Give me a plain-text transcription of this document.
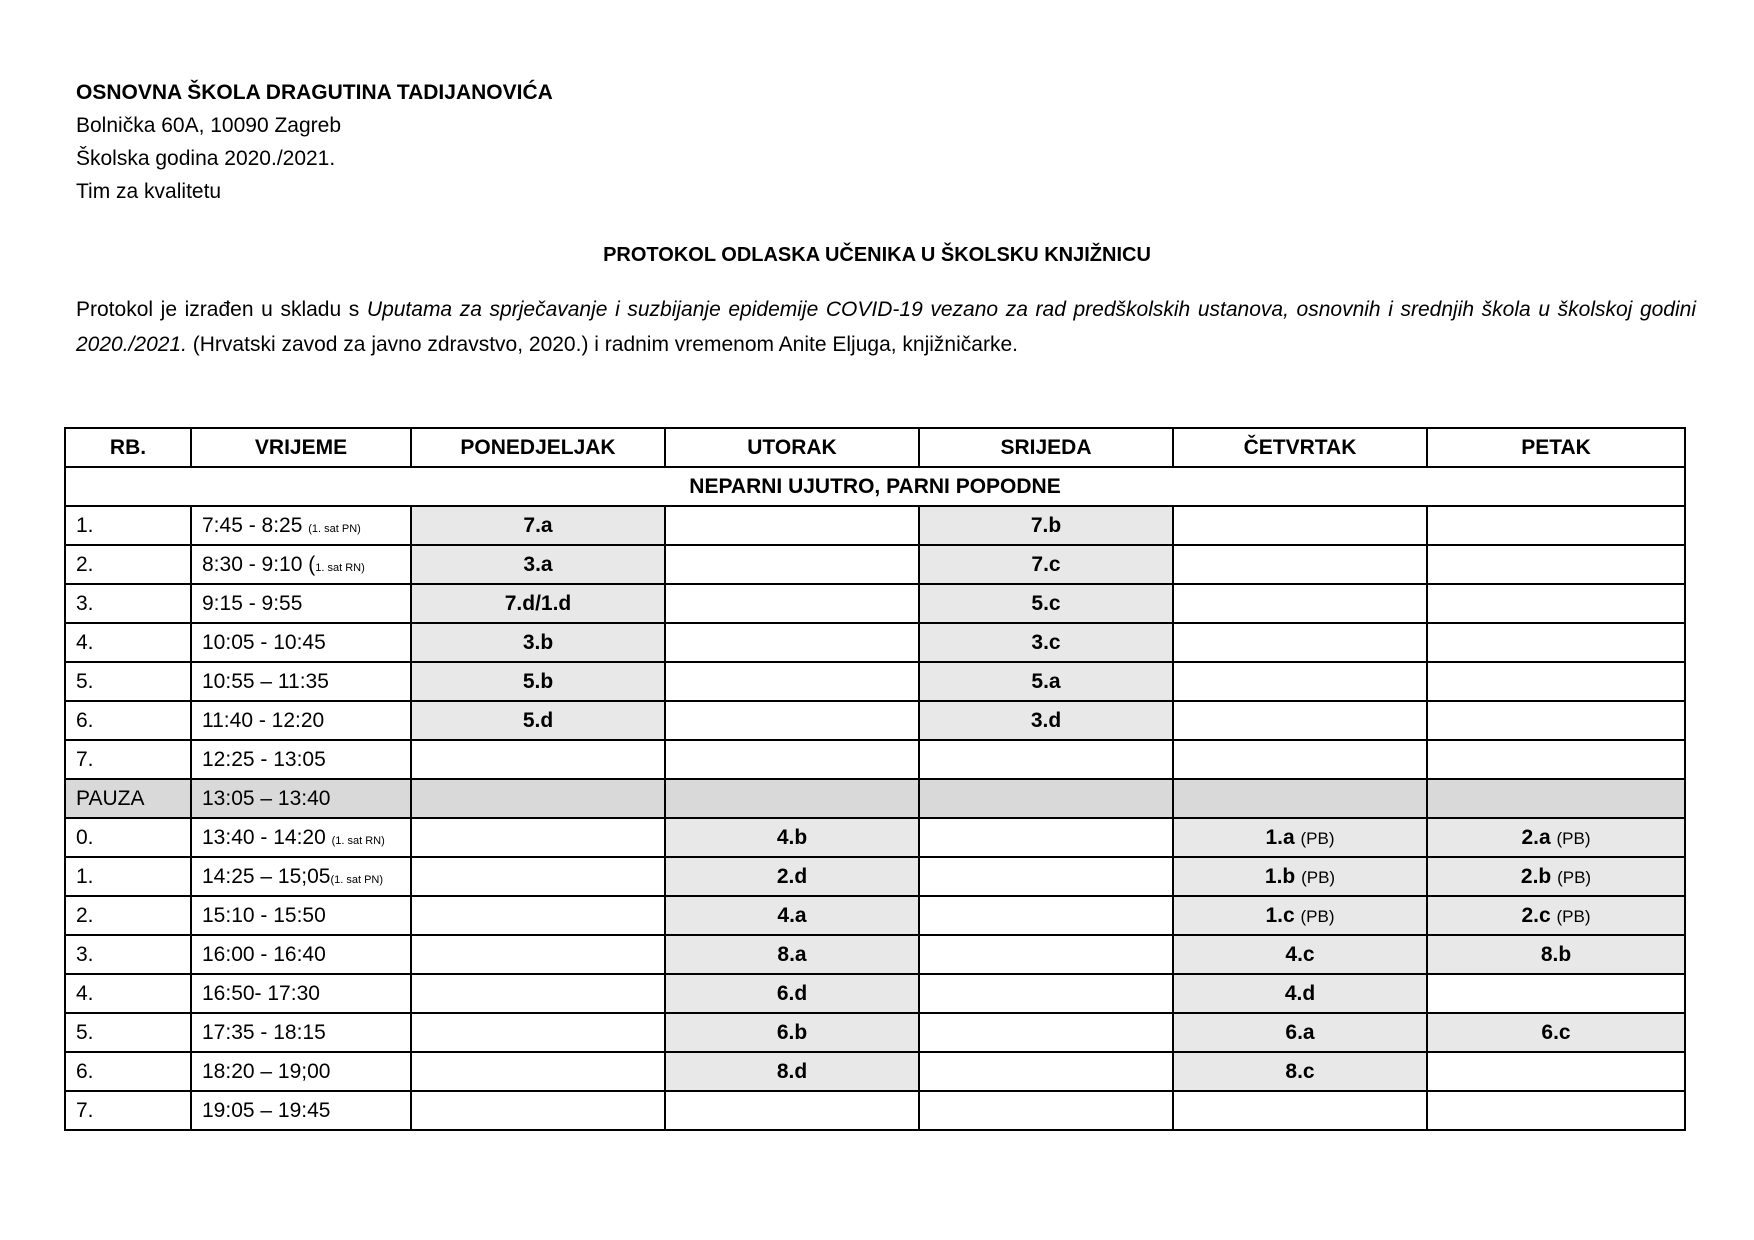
OSNOVNA ŠKOLA DRAGUTINA TADIJANOVIĆA
Bolnička 60A, 10090 Zagreb
Školska godina 2020./2021.
Tim za kvalitetu
PROTOKOL ODLASKA UČENIKA U ŠKOLSKU KNJIŽNICU
Protokol je izrađen u skladu s Uputama za sprječavanje i suzbijanje epidemije COVID-19 vezano za rad predškolskih ustanova, osnovnih i srednjih škola u školskoj godini 2020./2021. (Hrvatski zavod za javno zdravstvo, 2020.) i radnim vremenom Anite Eljuga, knjižničarke.
RB.	VRIJEME	PONEDJELJAK	UTORAK	SRIJEDA	ČETVRTAK	PETAK
NEPARNI UJUTRO, PARNI POPODNE						
1.	7:45 - 8:25 (1. sat PN)	7.a		7.b		
2.	8:30 - 9:10 (1. sat RN)	3.a		7.c		
3.	9:15 - 9:55	7.d/1.d		5.c		
4.	10:05 - 10:45	3.b		3.c		
5.	10:55 – 11:35	5.b		5.a		
6.	11:40 - 12:20	5.d		3.d		
7.	12:25 - 13:05					
PAUZA	13:05 – 13:40					
0.	13:40 - 14:20 (1. sat RN)		4.b		1.a (PB)	2.a (PB)
1.	14:25 – 15;05(1. sat PN)		2.d		1.b (PB)	2.b (PB)
2.	15:10 - 15:50		4.a		1.c (PB)	2.c (PB)
3.	16:00 - 16:40		8.a		4.c	8.b
4.	16:50- 17:30		6.d		4.d	
5.	17:35 - 18:15		6.b		6.a	6.c
6.	18:20 – 19;00		8.d		8.c	
7.	19:05 – 19:45					
